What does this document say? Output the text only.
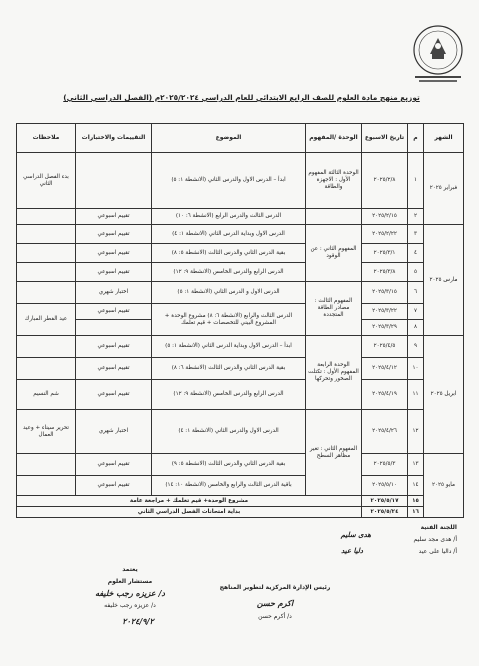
توزيع منهج مادة العلوم للصف الرابع الابتدائي للعام الدراسي ٢٠٢٥/٢٠٢٤م (الفصل الدراسي الثاني)
الشهر	م	تاريخ الاسبوع	الوحدة /المفهوم	الموضوع	التقييمات والاختبارات	ملاحظات
فبراير ٢٠٢٥	١	٢٠٢٥/٢/٨	الوحدة الثالثة المفهوم الأول : الاجهزة والطاقة	ابدأ – الدرس الاول والدرس الثاني (الانشطة ١: ٥)		بدء الفصل الدراسي الثاني
	٢	٢٠٢٥/٢/١٥		الدرس الثالث والدرس الرابع (الانشطة ٦: ١٠)	تقييم اسبوعي	
مارس ٢٠٢٥	٣	٢٠٢٥/٢/٢٢	المفهوم الثاني : عن الوقود	الدرس الاول وبداية الدرس الثاني (الانشطة ١: ٤)	تقييم اسبوعي	
	٤	٢٠٢٥/٣/١		بقية الدرس الثاني والدرس الثالث (الانشطة ٥: ٨)	تقييم اسبوعي	
	٥	٢٠٢٥/٣/٨		الدرس الرابع والدرس الخامس (الانشطة ٩: ١٢)	تقييم اسبوعي	
	٦	٢٠٢٥/٣/١٥	المفهوم الثالث : مصادر الطاقة المتجددة	الدرس الاول و الدرس الثاني (الانشطة ١: ٥)	اختبار شهري	
	٧	٢٠٢٥/٣/٢٢		الدرس الثالث والرابع (الانشطة ٦: ٨) مشروع الوحدة + المشروع البيني للتخصصات + قيم تعلمك	تقييم اسبوعي	عيد الفطر المبارك
	٨	٢٠٢٥/٣/٢٩				
ابريل ٢٠٢٥	٩	٢٠٢٥/٤/٥	الوحدة الرابعة المفهوم الأول : تكتلت الصخور وتحركها	ابدأ – الدرس الاول وبداية الدرس الثاني (الانشطة ١: ٥)	تقييم اسبوعي	
	١٠	٢٠٢٥/٤/١٢		بقية الدرس الثاني والدرس الثالث (الانشطة ٦: ٨)	تقييم اسبوعي	
	١١	٢٠٢٥/٤/١٩		الدرس الرابع والدرس الخامس (الانشطة ٩: ١٢)	تقييم اسبوعي	شم النسيم
	١٢	٢٠٢٥/٤/٢٦	المفهوم الثاني : تغير مظاهر السطح	الدرس الاول والدرس الثاني (الانشطة ١: ٤)	اختبار شهري	تحرير سيناء + وعيد العمال
مايو ٢٠٢٥	١٣	٢٠٢٥/٥/٣		بقية الدرس الثاني والدرس الثالث (الانشطة ٥: ٩)	تقييم اسبوعي	
	١٤	٢٠٢٥/٥/١٠		باقية الدرس الثالث والرابع والخامس (الانشطة ١٠: ١٤)	تقييم اسبوعي	
	١٥	٢٠٢٥/٥/١٧	مشروع الوحدة+ قيم تعلمك + مراجعة عامة			
	١٦	٢٠٢٥/٥/٢٤	بداية امتحانات الفصل الدراسي الثاني			
اللجنة الفنية
أ/ هدى مجد سليم
أ/ داليا على عيد
هدى سليم
دليا عيد
يعتمد
مستشار العلوم
د/ عزيزه رجب خليفه
د/ عزيزه رجب خليفه
٢٠٢٤/٩/٢
رئيس الإدارة المركزية لتطوير المناهج
اكرم حسن
د/ أكرم حسن
